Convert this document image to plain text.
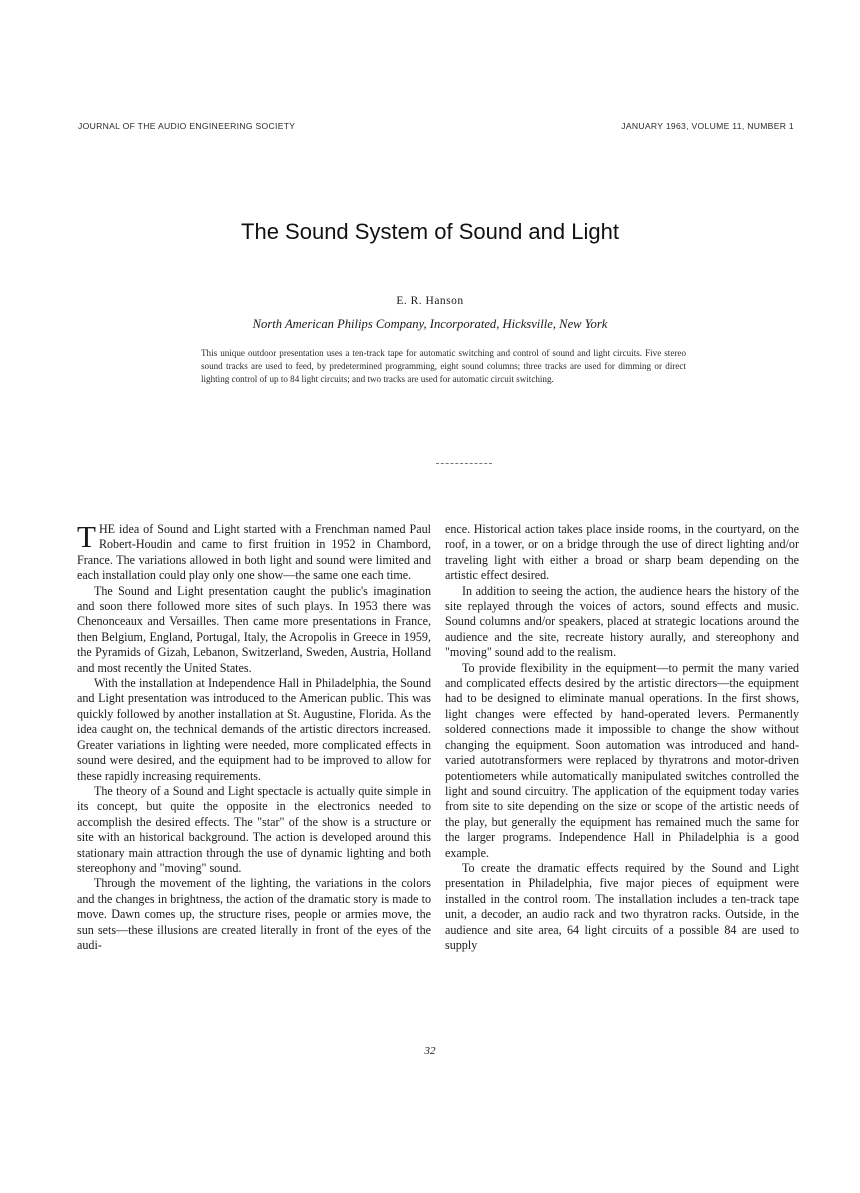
JOURNAL OF THE AUDIO ENGINEERING SOCIETY	JANUARY 1963, VOLUME 11, NUMBER 1
The Sound System of Sound and Light
E. R. Hanson
North American Philips Company, Incorporated, Hicksville, New York
This unique outdoor presentation uses a ten-track tape for automatic switching and control of sound and light circuits. Five stereo sound tracks are used to feed, by predetermined programming, eight sound columns; three tracks are used for dimming or direct lighting control of up to 84 light circuits; and two tracks are used for automatic circuit switching.

THE idea of Sound and Light started with a Frenchman named Paul Robert-Houdin and came to first fruition in 1952 in Chambord, France. The variations allowed in both light and sound were limited and each installation could play only one show—the same one each time.

The Sound and Light presentation caught the public's imagination and soon there followed more sites of such plays. In 1953 there was Chenonceaux and Versailles. Then came more presentations in France, then Belgium, England, Portugal, Italy, the Acropolis in Greece in 1959, the Pyramids of Gizah, Lebanon, Switzerland, Sweden, Austria, Holland and most recently the United States.

With the installation at Independence Hall in Philadelphia, the Sound and Light presentation was introduced to the American public. This was quickly followed by another installation at St. Augustine, Florida. As the idea caught on, the technical demands of the artistic directors increased. Greater variations in lighting were needed, more complicated effects in sound were desired, and the equipment had to be improved to allow for these rapidly increasing requirements.

The theory of a Sound and Light spectacle is actually quite simple in its concept, but quite the opposite in the electronics needed to accomplish the desired effects. The "star" of the show is a structure or site with an historical background. The action is developed around this stationary main attraction through the use of dynamic lighting and both stereophony and "moving" sound.

Through the movement of the lighting, the variations in the colors and the changes in brightness, the action of the dramatic story is made to move. Dawn comes up, the structure rises, people or armies move, the sun sets—these illusions are created literally in front of the eyes of the audi-

ence. Historical action takes place inside rooms, in the courtyard, on the roof, in a tower, or on a bridge through the use of direct lighting and/or traveling light with either a broad or sharp beam depending on the artistic effect desired.

In addition to seeing the action, the audience hears the history of the site replayed through the voices of actors, sound effects and music. Sound columns and/or speakers, placed at strategic locations around the audience and the site, recreate history aurally, and stereophony and "moving" sound add to the realism.

To provide flexibility in the equipment—to permit the many varied and complicated effects desired by the artistic directors—the equipment had to be designed to eliminate manual operations. In the first shows, light changes were effected by hand-operated levers. Permanently soldered connections made it impossible to change the show without changing the equipment. Soon automation was introduced and hand-varied autotransformers were replaced by thyratrons and motor-driven potentiometers while automatically manipulated switches controlled the light and sound circuitry. The application of the equipment today varies from site to site depending on the size or scope of the artistic needs of the play, but generally the equipment has remained much the same for the larger programs. Independence Hall in Philadelphia is a good example.

To create the dramatic effects required by the Sound and Light presentation in Philadelphia, five major pieces of equipment were installed in the control room. The installation includes a ten-track tape unit, a decoder, an audio rack and two thyratron racks. Outside, in the audience and site area, 64 light circuits of a possible 84 are used to supply

32
